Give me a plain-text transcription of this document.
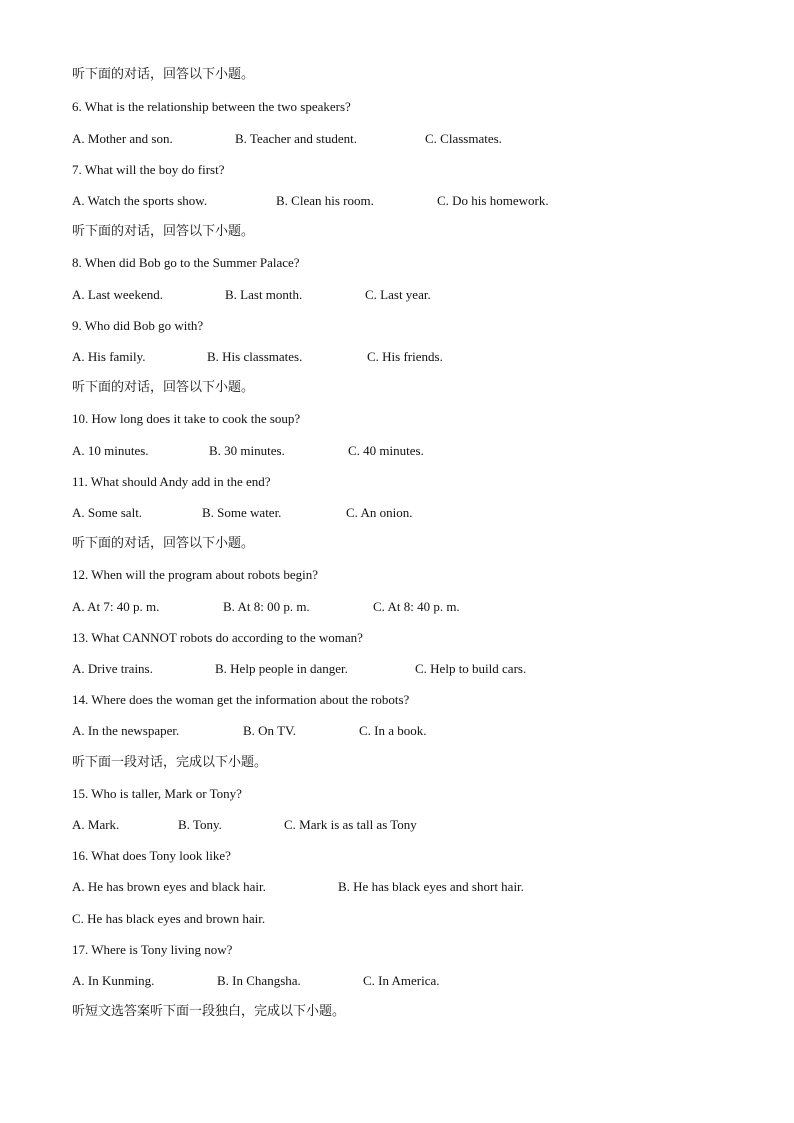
听下面的对话，回答以下小题。
6. What is the relationship between the two speakers?
A. Mother and son.	B. Teacher and student.	C. Classmates.
7. What will the boy do first?
A. Watch the sports show.	B. Clean his room.	C. Do his homework.
听下面的对话，回答以下小题。
8. When did Bob go to the Summer Palace?
A. Last weekend.	B. Last month.	C. Last year.
9. Who did Bob go with?
A. His family.	B. His classmates.	C. His friends.
听下面的对话，回答以下小题。
10. How long does it take to cook the soup?
A. 10 minutes.	B. 30 minutes.	C. 40 minutes.
11. What should Andy add in the end?
A. Some salt.	B. Some water.	C. An onion.
听下面的对话，回答以下小题。
12. When will the program about robots begin?
A. At 7: 40 p. m.	B. At 8: 00 p. m.	C. At 8: 40 p. m.
13. What CANNOT robots do according to the woman?
A. Drive trains.	B. Help people in danger.	C. Help to build cars.
14. Where does the woman get the information about the robots?
A. In the newspaper.	B. On TV.	C. In a book.
听下面一段对话，完成以下小题。
15. Who is taller, Mark or Tony?
A. Mark.	B. Tony.	C. Mark is as tall as Tony
16. What does Tony look like?
A. He has brown eyes and black hair.	B. He has black eyes and short hair.
C. He has black eyes and brown hair.
17. Where is Tony living now?
A. In Kunming.	B. In Changsha.	C. In America.
听短文选答案听下面一段独白，完成以下小题。
